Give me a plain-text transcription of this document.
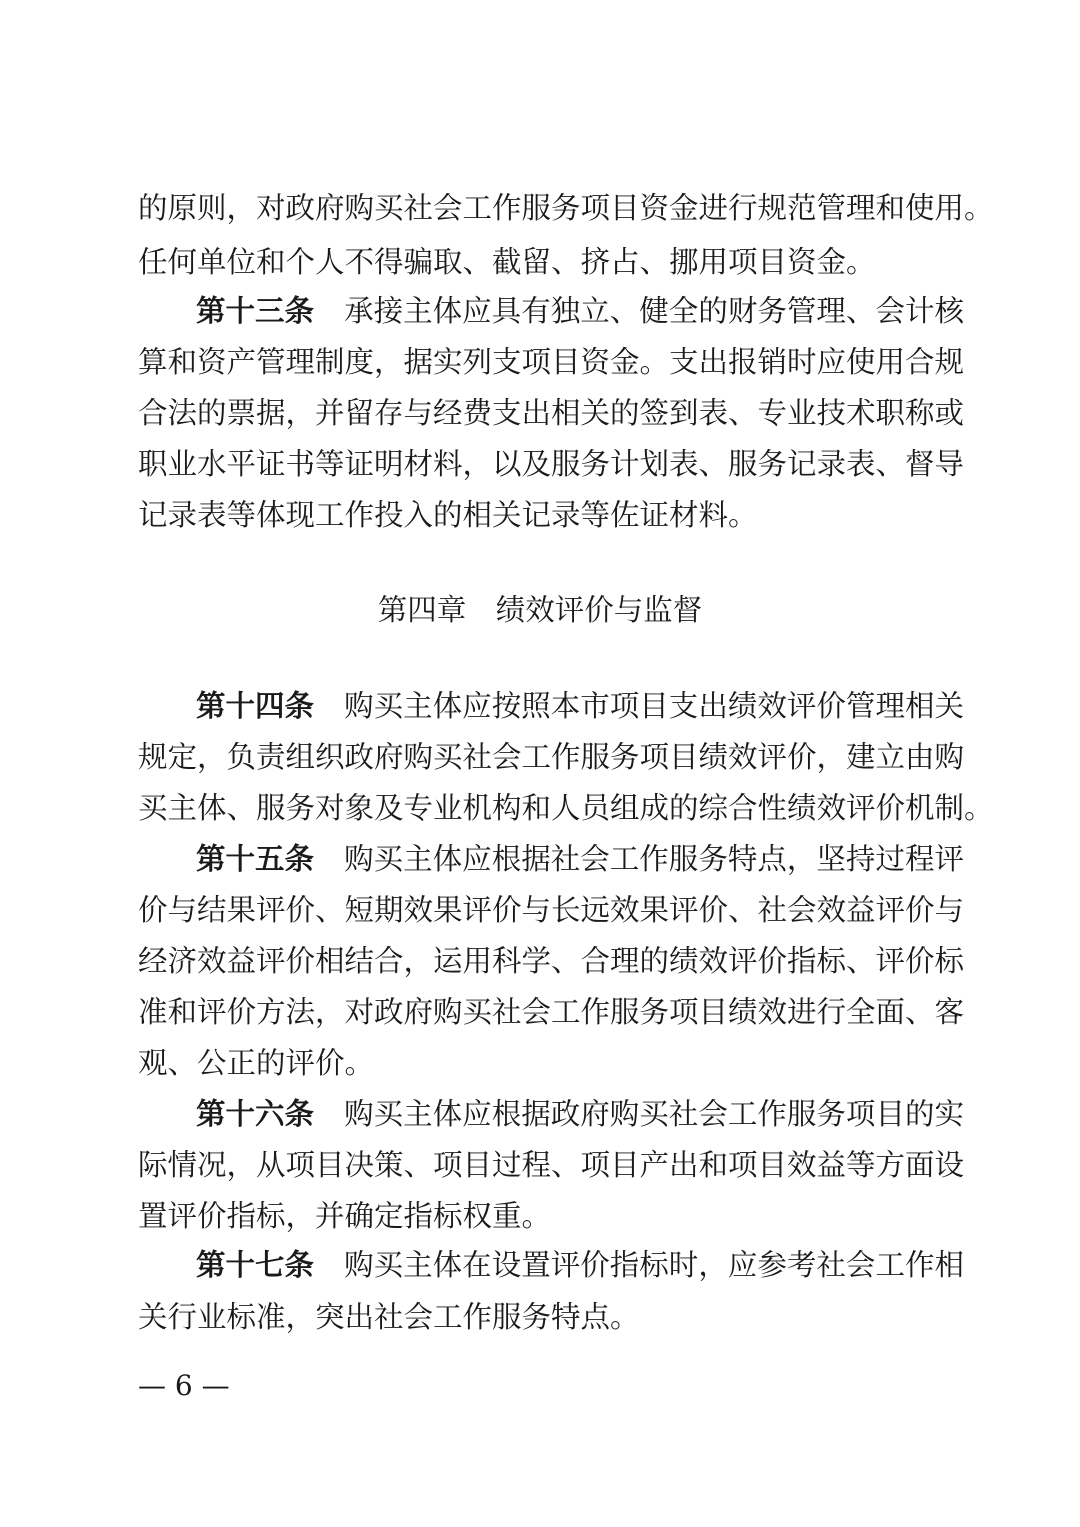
的原则，对政府购买社会工作服务项目资金进行规范管理和使用。
任何单位和个人不得骗取、截留、挤占、挪用项目资金。
第十三条 承接主体应具有独立、健全的财务管理、会计核
算和资产管理制度，据实列支项目资金。支出报销时应使用合规
合法的票据，并留存与经费支出相关的签到表、专业技术职称或
职业水平证书等证明材料，以及服务计划表、服务记录表、督导
记录表等体现工作投入的相关记录等佐证材料。
第四章　绩效评价与监督
第十四条 购买主体应按照本市项目支出绩效评价管理相关
规定，负责组织政府购买社会工作服务项目绩效评价，建立由购
买主体、服务对象及专业机构和人员组成的综合性绩效评价机制。
第十五条 购买主体应根据社会工作服务特点，坚持过程评
价与结果评价、短期效果评价与长远效果评价、社会效益评价与
经济效益评价相结合，运用科学、合理的绩效评价指标、评价标
准和评价方法，对政府购买社会工作服务项目绩效进行全面、客
观、公正的评价。
第十六条 购买主体应根据政府购买社会工作服务项目的实
际情况，从项目决策、项目过程、项目产出和项目效益等方面设
置评价指标，并确定指标权重。
第十七条 购买主体在设置评价指标时，应参考社会工作相
关行业标准，突出社会工作服务特点。
— 6 —
